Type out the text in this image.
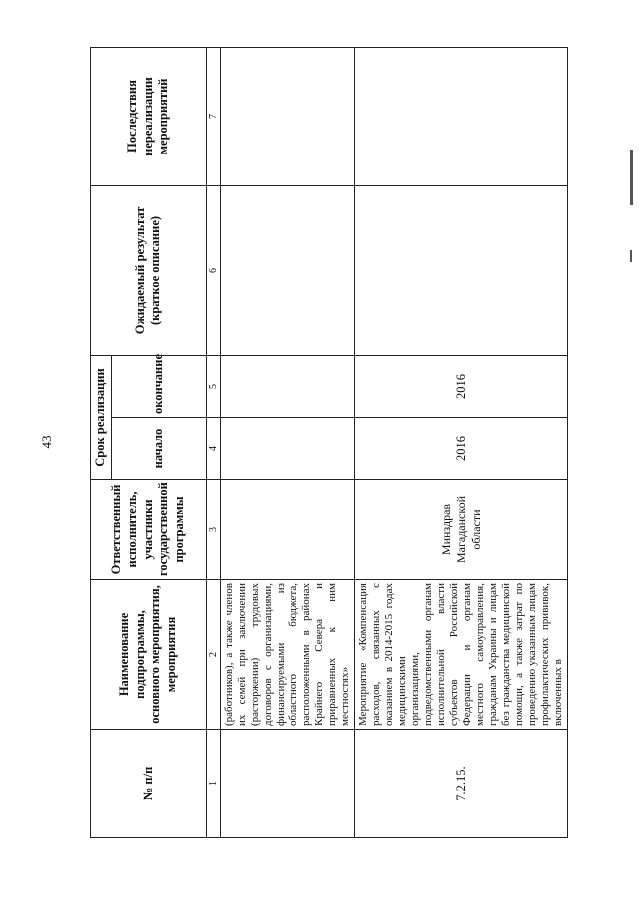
43
№ п/п	Наименование подпрограммы, основного мероприятия, мероприятия	Ответственный исполнитель, участники государственной программы	Срок реализации		Ожидаемый результат (краткое описание)	Последствия нереализации мероприятий
			начало	окончание		
1	2	3	4	5	6	7
	(работников), а также членов их семей при заключении (расторжении) трудовых договоров с организациями, финансируемыми из областного бюджета, расположенными в районах Крайнего Севера и приравненных к ним местностях»					
7.2.15.	Мероприятие «Компенсация расходов, связанных с оказанием в 2014-2015 годах медицинскими организациями, подведомственными органам исполнительной власти субъектов Российской Федерации и органам местного самоуправления, гражданам Украины и лицам без гражданства медицинской помощи, а также затрат по проведению указанным лицам профилактических прививок, включенных в	Минздрав Магаданской области	2016	2016		
